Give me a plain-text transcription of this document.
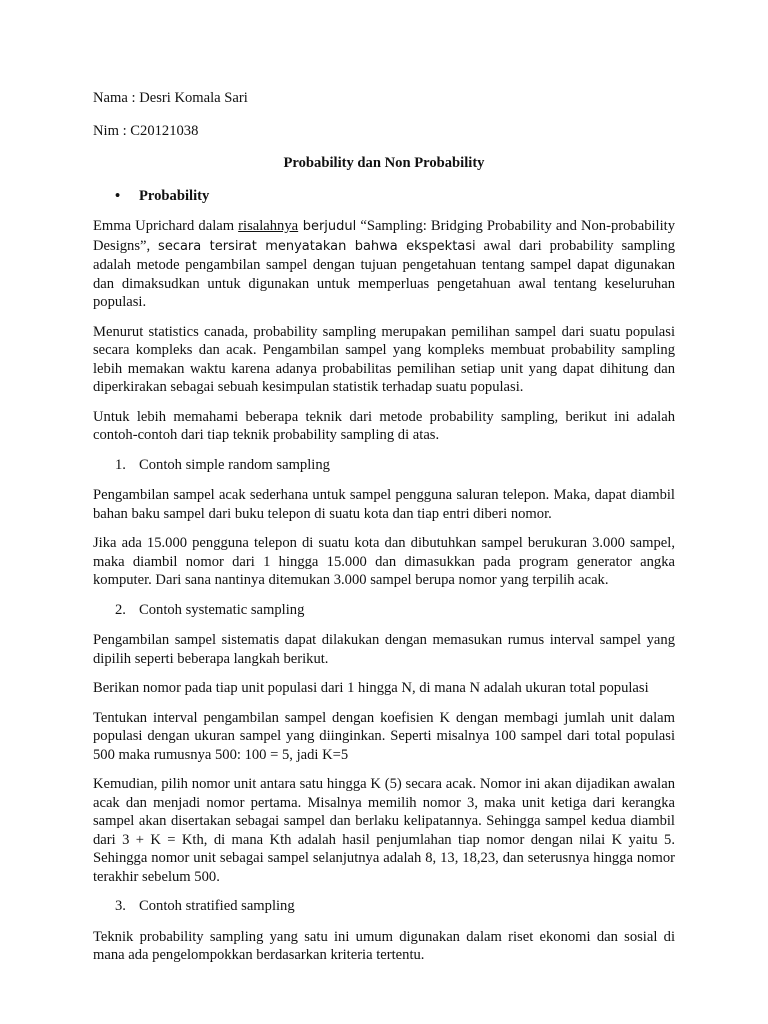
Nama : Desri Komala Sari

Nim : C20121038

Probability dan Non Probability

•	Probability

Emma Uprichard dalam risalahnya berjudul “Sampling: Bridging Probability and Non-probability Designs”, secara tersirat menyatakan bahwa ekspektasi awal dari probability sampling adalah metode pengambilan sampel dengan tujuan pengetahuan tentang sampel dapat digunakan dan dimaksudkan untuk digunakan untuk memperluas pengetahuan awal tentang keseluruhan populasi.

Menurut statistics canada, probability sampling merupakan pemilihan sampel dari suatu populasi secara kompleks dan acak. Pengambilan sampel yang kompleks membuat probability sampling lebih memakan waktu karena adanya probabilitas pemilihan setiap unit yang dapat dihitung dan diperkirakan sebagai sebuah kesimpulan statistik terhadap suatu populasi.

Untuk lebih memahami beberapa teknik dari metode probability sampling, berikut ini adalah contoh-contoh dari tiap teknik probability sampling di atas.

1. Contoh simple random sampling

Pengambilan sampel acak sederhana untuk sampel pengguna saluran telepon. Maka, dapat diambil bahan baku sampel dari buku telepon di suatu kota dan tiap entri diberi nomor.

Jika ada 15.000 pengguna telepon di suatu kota dan dibutuhkan sampel berukuran 3.000 sampel, maka diambil nomor dari 1 hingga 15.000 dan dimasukkan pada program generator angka komputer. Dari sana nantinya ditemukan 3.000 sampel berupa nomor yang terpilih acak.

2. Contoh systematic sampling

Pengambilan sampel sistematis dapat dilakukan dengan memasukan rumus interval sampel yang dipilih seperti beberapa langkah berikut.

Berikan nomor pada tiap unit populasi dari 1 hingga N, di mana N adalah ukuran total populasi

Tentukan interval pengambilan sampel dengan koefisien K dengan membagi jumlah unit dalam populasi dengan ukuran sampel yang diinginkan. Seperti misalnya 100 sampel dari total populasi 500 maka rumusnya 500: 100 = 5, jadi K=5

Kemudian, pilih nomor unit antara satu hingga K (5) secara acak. Nomor ini akan dijadikan awalan acak dan menjadi nomor pertama. Misalnya memilih nomor 3, maka unit ketiga dari kerangka sampel akan disertakan sebagai sampel dan berlaku kelipatannya. Sehingga sampel kedua diambil dari 3 + K = Kth, di mana Kth adalah hasil penjumlahan tiap nomor dengan nilai K yaitu 5. Sehingga nomor unit sebagai sampel selanjutnya adalah 8, 13, 18,23, dan seterusnya hingga nomor terakhir sebelum 500.

3. Contoh stratified sampling

Teknik probability sampling yang satu ini umum digunakan dalam riset ekonomi dan sosial di mana ada pengelompokkan berdasarkan kriteria tertentu.
